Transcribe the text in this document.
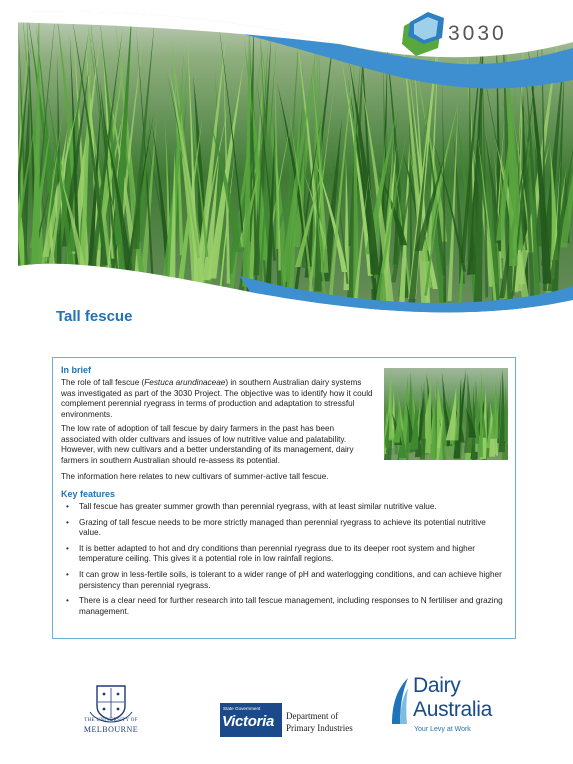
3030
Tall fescue
In brief

The role of tall fescue (Festuca arundinaceae) in southern Australian dairy systems was investigated as part of the 3030 Project. The objective was to identify how it could complement perennial ryegrass in terms of production and adaptation to stressful environments.

The low rate of adoption of tall fescue by dairy farmers in the past has been associated with older cultivars and issues of low nutritive value and palatability. However, with new cultivars and a better understanding of its management, dairy farmers in southern Australian should re-assess its potential.

The information here relates to new cultivars of summer-active tall fescue.

Key features
• Tall fescue has greater summer growth than perennial ryegrass, with at least similar nutritive value.
• Grazing of tall fescue needs to be more strictly managed than perennial ryegrass to achieve its potential nutritive value.
• It is better adapted to hot and dry conditions than perennial ryegrass due to its deeper root system and higher temperature ceiling. This gives it a potential role in low rainfall regions.
• It can grow in less-fertile soils, is tolerant to a wider range of pH and waterlogging conditions, and can achieve higher persistency than perennial ryegrass.
• There is a clear need for further research into tall fescue management, including responses to N fertiliser and grazing management.
THE UNIVERSITY OF
MELBOURNE
State Government
Victoria Department of
Primary Industries
Dairy
Australia
Your Levy at Work
